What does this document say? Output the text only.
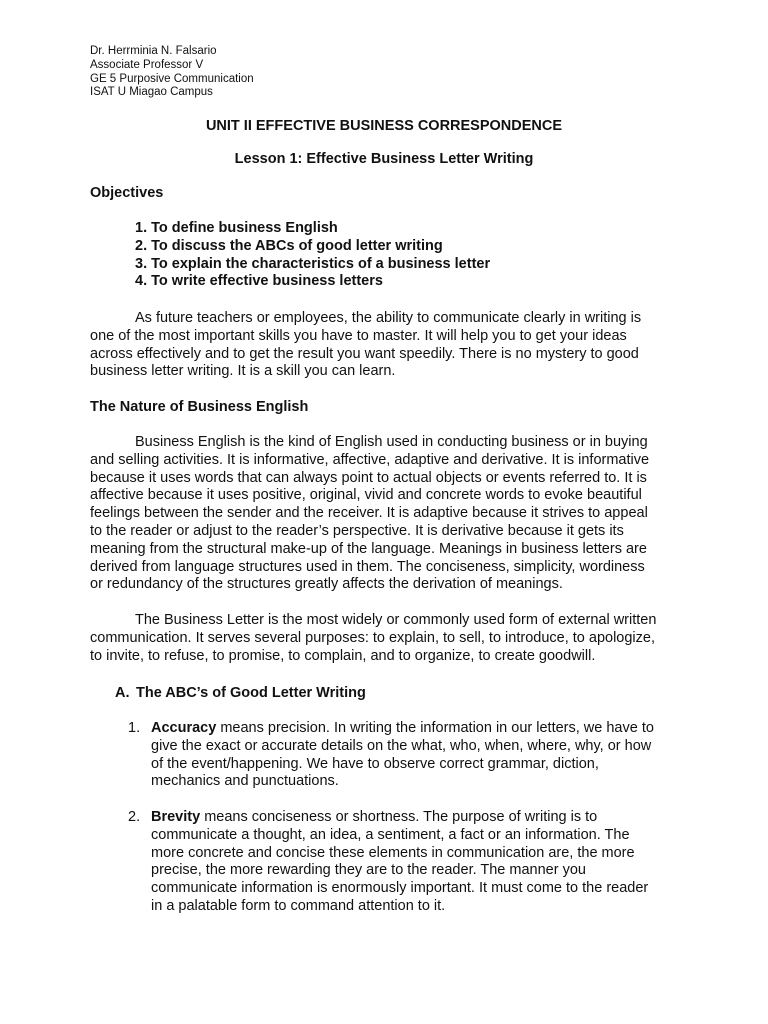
Dr. Herrminia N. Falsario
Associate Professor V
GE 5 Purposive Communication
ISAT U Miagao Campus
UNIT II EFFECTIVE BUSINESS CORRESPONDENCE
Lesson 1: Effective Business Letter Writing
Objectives
1. To define business English
2. To discuss the ABCs of good letter writing
3. To explain the characteristics of a business letter
4. To write effective business letters
As future teachers or employees, the ability to communicate clearly in writing is
one of the most important skills you have to master. It will help you to get your ideas
across effectively and to get the result you want speedily. There is no mystery to good
business letter writing. It is a skill you can learn.
The Nature of Business English
Business English is the kind of English used in conducting business or in buying
and selling activities. It is informative, affective, adaptive and derivative. It is informative
because it uses words that can always point to actual objects or events referred to. It is
affective because it uses positive, original, vivid and concrete words to evoke beautiful
feelings between the sender and the receiver. It is adaptive because it strives to appeal
to the reader or adjust to the reader’s perspective. It is derivative because it gets its
meaning from the structural make-up of the language. Meanings in business letters are
derived from language structures used in them. The conciseness, simplicity, wordiness
or redundancy of the structures greatly affects the derivation of meanings.
The Business Letter is the most widely or commonly used form of external written
communication. It serves several purposes: to explain, to sell, to introduce, to apologize,
to invite, to refuse, to promise, to complain, and to organize, to create goodwill.
A. The ABC’s of Good Letter Writing
1. Accuracy means precision. In writing the information in our letters, we have to
give the exact or accurate details on the what, who, when, where, why, or how
of the event/happening. We have to observe correct grammar, diction,
mechanics and punctuations.
2. Brevity means conciseness or shortness. The purpose of writing is to
communicate a thought, an idea, a sentiment, a fact or an information. The
more concrete and concise these elements in communication are, the more
precise, the more rewarding they are to the reader. The manner you
communicate information is enormously important. It must come to the reader
in a palatable form to command attention to it.
